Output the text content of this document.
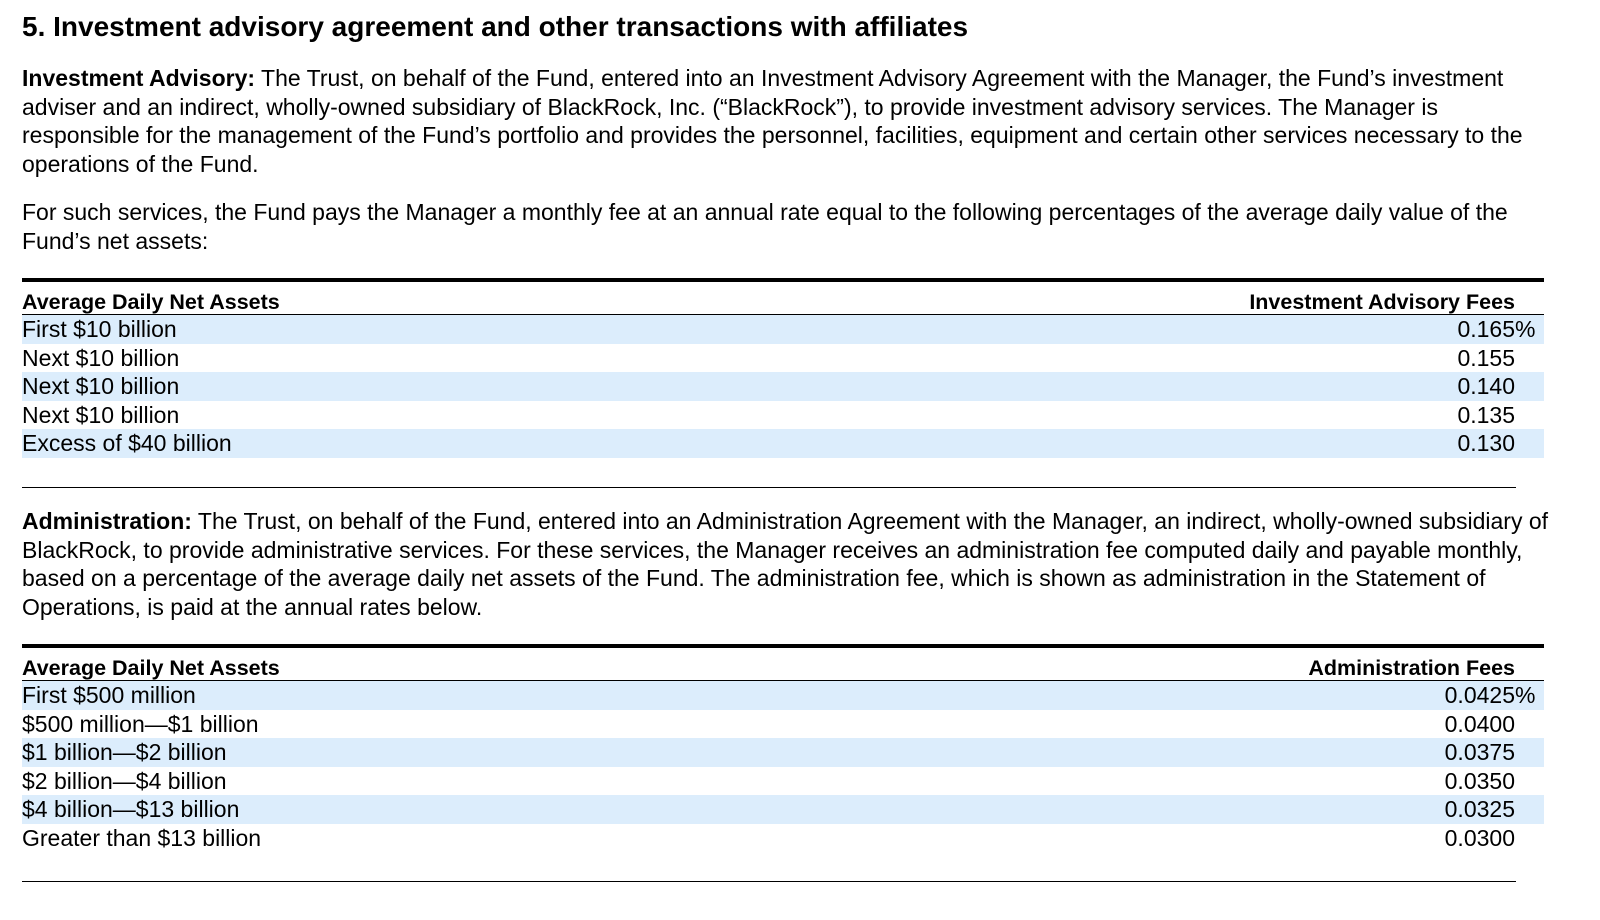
5. Investment advisory agreement and other transactions with affiliates

Investment Advisory: The Trust, on behalf of the Fund, entered into an Investment Advisory Agreement with the Manager, the Fund’s investment adviser and an indirect, wholly-owned subsidiary of BlackRock, Inc. (“BlackRock”), to provide investment advisory services. The Manager is responsible for the management of the Fund’s portfolio and provides the personnel, facilities, equipment and certain other services necessary to the operations of the Fund.

For such services, the Fund pays the Manager a monthly fee at an annual rate equal to the following percentages of the average daily value of the Fund’s net assets:

Average Daily Net Assets	Investment Advisory Fees
First $10 billion	0.165 %
Next $10 billion	0.155
Next $10 billion	0.140
Next $10 billion	0.135
Excess of $40 billion	0.130

Administration: The Trust, on behalf of the Fund, entered into an Administration Agreement with the Manager, an indirect, wholly-owned subsidiary of BlackRock, to provide administrative services. For these services, the Manager receives an administration fee computed daily and payable monthly, based on a percentage of the average daily net assets of the Fund. The administration fee, which is shown as administration in the Statement of Operations, is paid at the annual rates below.

Average Daily Net Assets	Administration Fees
First $500 million	0.0425 %
$500 million—$1 billion	0.0400
$1 billion—$2 billion	0.0375
$2 billion—$4 billion	0.0350
$4 billion—$13 billion	0.0325
Greater than $13 billion	0.0300
